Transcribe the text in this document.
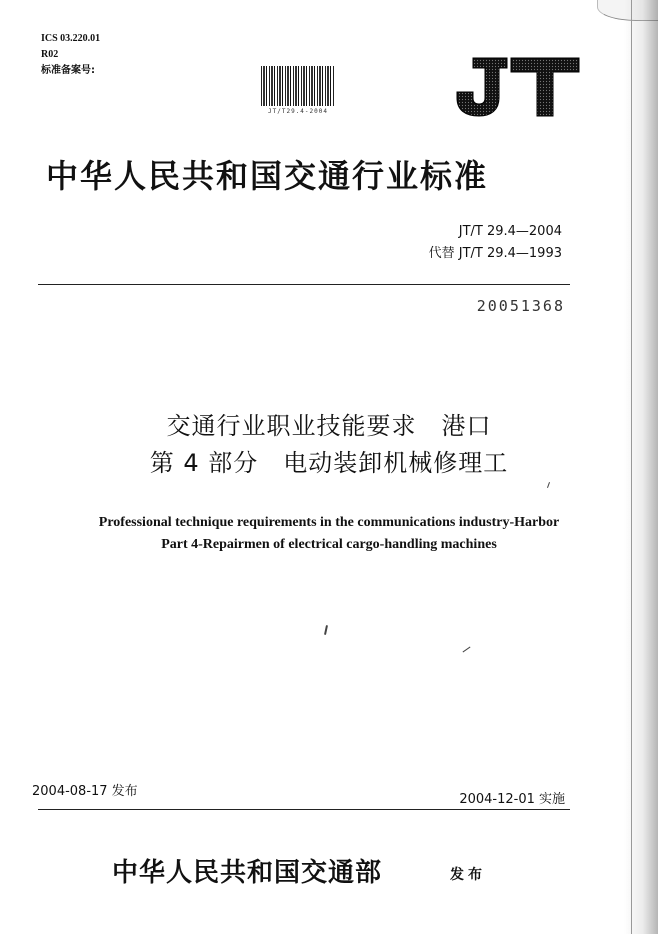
ICS 03.220.01
R02
标准备案号:
JT/T29.4-2004
中华人民共和国交通行业标准
JT/T 29.4—2004
代替 JT/T 29.4—1993
20051368
交通行业职业技能要求　港口
第 4 部分　电动装卸机械修理工
Professional technique requirements in the communications industry-Harbor
Part 4-Repairmen of electrical cargo-handling machines
2004-08-17 发布
2004-12-01 实施
中华人民共和国交通部	发布
